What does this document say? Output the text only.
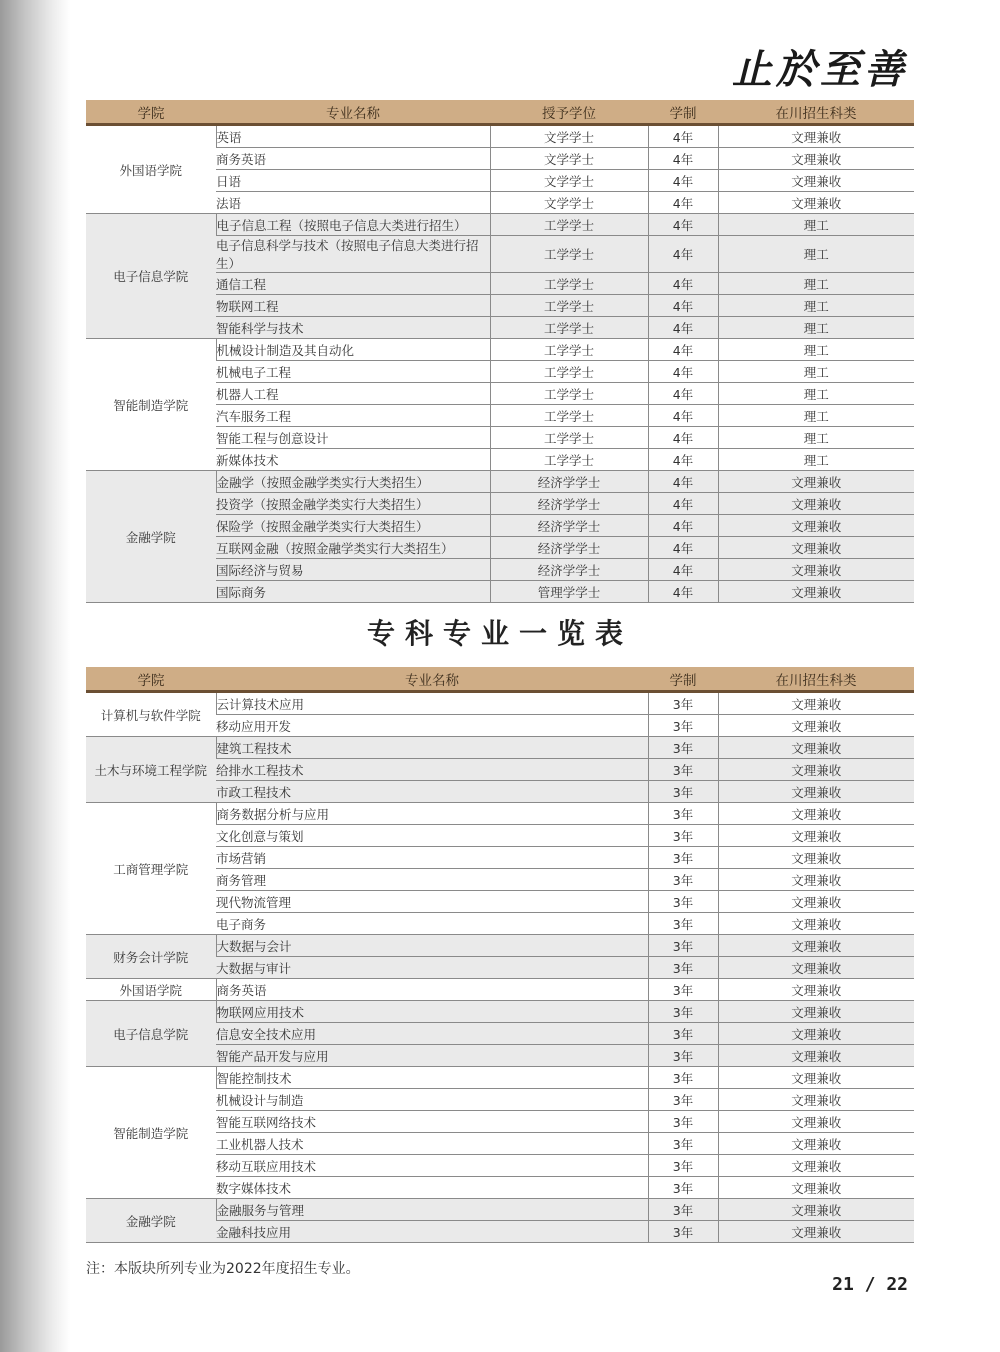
止於至善
学院	专业名称	授予学位	学制	在川招生科类
外国语学院	英语	文学学士	4年	文理兼收
	商务英语	文学学士	4年	文理兼收
	日语	文学学士	4年	文理兼收
	法语	文学学士	4年	文理兼收
电子信息学院	电子信息工程（按照电子信息大类进行招生）	工学学士	4年	理工
	电子信息科学与技术（按照电子信息大类进行招生）	工学学士	4年	理工
	通信工程	工学学士	4年	理工
	物联网工程	工学学士	4年	理工
	智能科学与技术	工学学士	4年	理工
智能制造学院	机械设计制造及其自动化	工学学士	4年	理工
	机械电子工程	工学学士	4年	理工
	机器人工程	工学学士	4年	理工
	汽车服务工程	工学学士	4年	理工
	智能工程与创意设计	工学学士	4年	理工
	新媒体技术	工学学士	4年	理工
金融学院	金融学（按照金融学类实行大类招生）	经济学学士	4年	文理兼收
	投资学（按照金融学类实行大类招生）	经济学学士	4年	文理兼收
	保险学（按照金融学类实行大类招生）	经济学学士	4年	文理兼收
	互联网金融（按照金融学类实行大类招生）	经济学学士	4年	文理兼收
	国际经济与贸易	经济学学士	4年	文理兼收
	国际商务	管理学学士	4年	文理兼收
专科专业一览表
学院	专业名称	学制	在川招生科类
计算机与软件学院	云计算技术应用	3年	文理兼收
	移动应用开发	3年	文理兼收
土木与环境工程学院	建筑工程技术	3年	文理兼收
	给排水工程技术	3年	文理兼收
	市政工程技术	3年	文理兼收
工商管理学院	商务数据分析与应用	3年	文理兼收
	文化创意与策划	3年	文理兼收
	市场营销	3年	文理兼收
	商务管理	3年	文理兼收
	现代物流管理	3年	文理兼收
	电子商务	3年	文理兼收
财务会计学院	大数据与会计	3年	文理兼收
	大数据与审计	3年	文理兼收
外国语学院	商务英语	3年	文理兼收
电子信息学院	物联网应用技术	3年	文理兼收
	信息安全技术应用	3年	文理兼收
	智能产品开发与应用	3年	文理兼收
智能制造学院	智能控制技术	3年	文理兼收
	机械设计与制造	3年	文理兼收
	智能互联网络技术	3年	文理兼收
	工业机器人技术	3年	文理兼收
	移动互联应用技术	3年	文理兼收
	数字媒体技术	3年	文理兼收
金融学院	金融服务与管理	3年	文理兼收
	金融科技应用	3年	文理兼收
注：本版块所列专业为2022年度招生专业。
21 / 22
